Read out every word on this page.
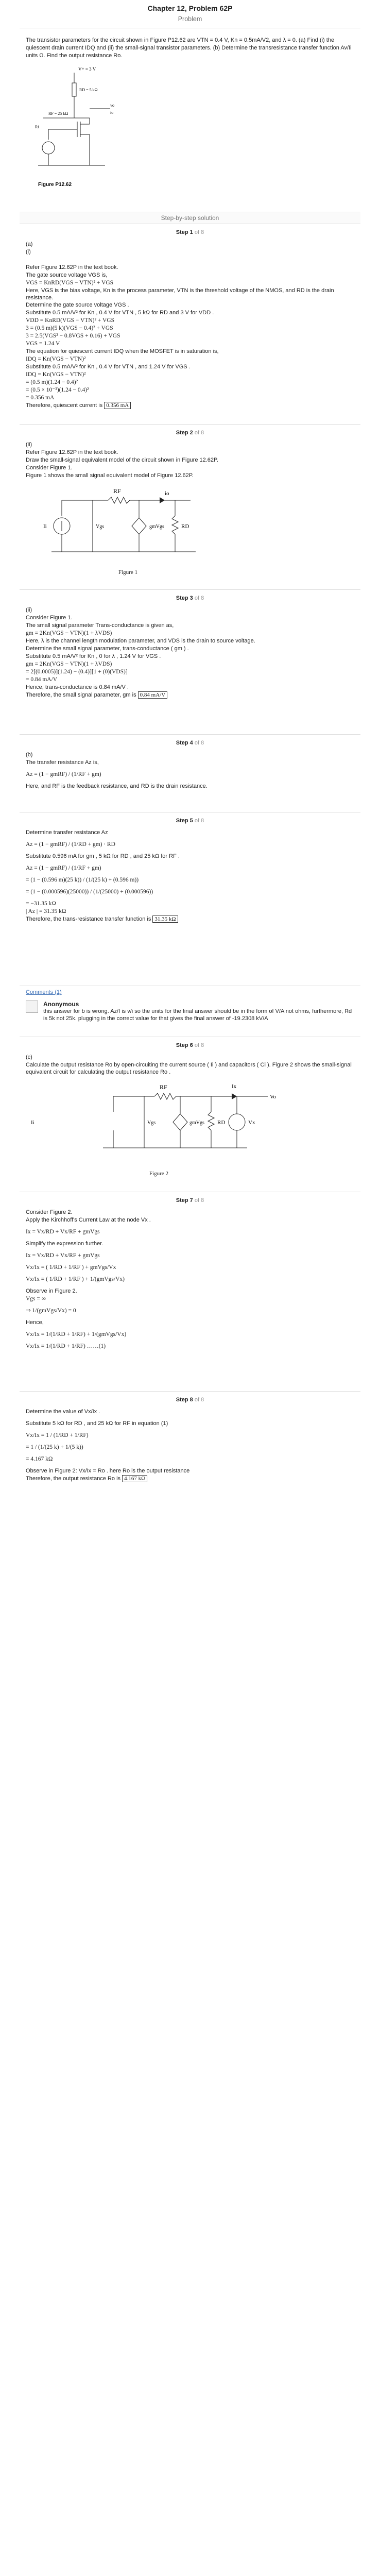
Chapter 12, Problem 62P
Problem

The transistor parameters for the circuit shown in Figure P12.62 are VTN = 0.4 V, Kn = 0.5mA/V2, and λ = 0. (a) Find (i) the quiescent drain current IDQ and (ii) the small-signal transistor parameters. (b) Determine the transresistance transfer function Av/Ii units Ω. Find the output resistance Ro.

V+ = 3 V
RD = 5 kΩ
RF = 25 kΩ
Ri
io
vo
Figure P12.62
Step-by-step solution
Step 1 of 8

(a)

(i)

Refer Figure 12.62P in the text book.

The gate source voltage VGS is,

VGS = KnRD(VGS − VTN)² + VGS

Here, VGS is the bias voltage, Kn is the process parameter, VTN is the threshold voltage of the NMOS, and RD is the drain resistance.

Determine the gate source voltage VGS .

Substitute 0.5 mA/V² for Kn , 0.4 V for VTN , 5 kΩ for RD and 3 V for VDD .

VDD = KnRD(VGS − VTN)² + VGS

3 = (0.5 m)(5 k)(VGS − 0.4)² + VGS

3 = 2.5(VGS² − 0.8VGS + 0.16) + VGS

VGS = 1.24 V

The equation for quiescent current IDQ when the MOSFET is in saturation is,

IDQ = Kn(VGS − VTN)²

Substitute 0.5 mA/V² for Kn , 0.4 V for VTN , and 1.24 V for VGS .

IDQ = Kn(VGS − VTN)²

= (0.5 m)(1.24 − 0.4)²

= (0.5 × 10⁻³)(1.24 − 0.4)²

= 0.356 mA

Therefore, quiescent current is 0.356 mA

Step 2 of 8

(ii)

Refer Figure 12.62P in the text book.

Draw the small-signal equivalent model of the circuit shown in Figure 12.62P.

Consider Figure 1.

Figure 1 shows the small signal equivalent model of Figure 12.62P.

RF	io
Vgs	gmVgs	RD
Ii

Figure 1

Step 3 of 8

(ii)

Consider Figure 1.

The small signal parameter Trans-conductance is given as,

gm = 2Kn(VGS − VTN)(1 + λVDS)

Here, λ is the channel length modulation parameter, and VDS is the drain to source voltage.

Determine the small signal parameter, trans-conductance ( gm ) .

Substitute 0.5 mA/V² for Kn , 0 for λ , 1.24 V for VGS .

gm = 2Kn(VGS − VTN)(1 + λVDS)

= 2[(0.0005)](1.24) − (0.4)][1 + (0)(VDS)]

= 0.84 mA/V

Hence, trans-conductance is 0.84 mA/V .

Therefore, the small signal parameter, gm is 0.84 mA/V

Step 4 of 8

(b)

The transfer resistance Az is,

Az = (1 − gmRF) / (1/RF + gm)

Here, and RF is the feedback resistance, and RD is the drain resistance.

Step 5 of 8

Determine transfer resistance Az

Az = (1 − gmRF) / (1/RD + gm) ⋅ RD

Substitute 0.596 mA for gm , 5 kΩ for RD , and 25 kΩ for RF .

Az = (1 − gmRF) / (1/RF + gm)

= (1 − (0.596 m)(25 k)) / (1/(25 k) + (0.596 m))

= (1 − (0.000596)(25000)) / (1/(25000) + (0.000596))

= −31.35 kΩ

| Az | = 31.35 kΩ

Therefore, the trans-resistance transfer function is 31.35 kΩ

Comments (1)
Anonymous
this answer for b is wrong. Az/I is v/i so the units for the final answer should be in the form of V/A not ohms, furthermore, Rd is 5k not 25k. plugging in the correct value for that gives the final answer of -19.2308 kV/A
Step 6 of 8

(c)

Calculate the output resistance Ro by open-circuiting the current source ( Ii ) and capacitors ( Ci ). Figure 2 shows the small-signal equivalent circuit for calculating the output resistance Ro .

RF	Ix
Vo
Vgs	gmVgs RD	Vx
Ii

Figure 2

Step 7 of 8

Consider Figure 2.

Apply the Kirchhoff's Current Law at the node Vx .

Ix = Vx/RD + Vx/RF + gmVgs

Simplify the expression further.

Ix = Vx/RD + Vx/RF + gmVgs

Vx/Ix = ( 1/RD + 1/RF ) + gmVgs/Vx

Vx/Ix = ( 1/RD + 1/RF ) + 1/(gmVgs/Vx)

Observe in Figure 2.

Vgs = ∞

⇒ 1/(gmVgs/Vx) = 0

Hence,

Vx/Ix = 1/(1/RD + 1/RF) + 1/(gmVgs/Vx)

Vx/Ix = 1/(1/RD + 1/RF) ……(1)

Step 8 of 8

Determine the value of Vx/Ix .

Substitute 5 kΩ for RD , and 25 kΩ for RF in equation (1)

Vx/Ix = 1 / (1/RD + 1/RF)

= 1 / (1/(25 k) + 1/(5 k))

= 4.167 kΩ

Observe in Figure 2: Vx/Ix = Ro . here Ro is the output resistance

Therefore, the output resistance Ro is 4.167 kΩ
